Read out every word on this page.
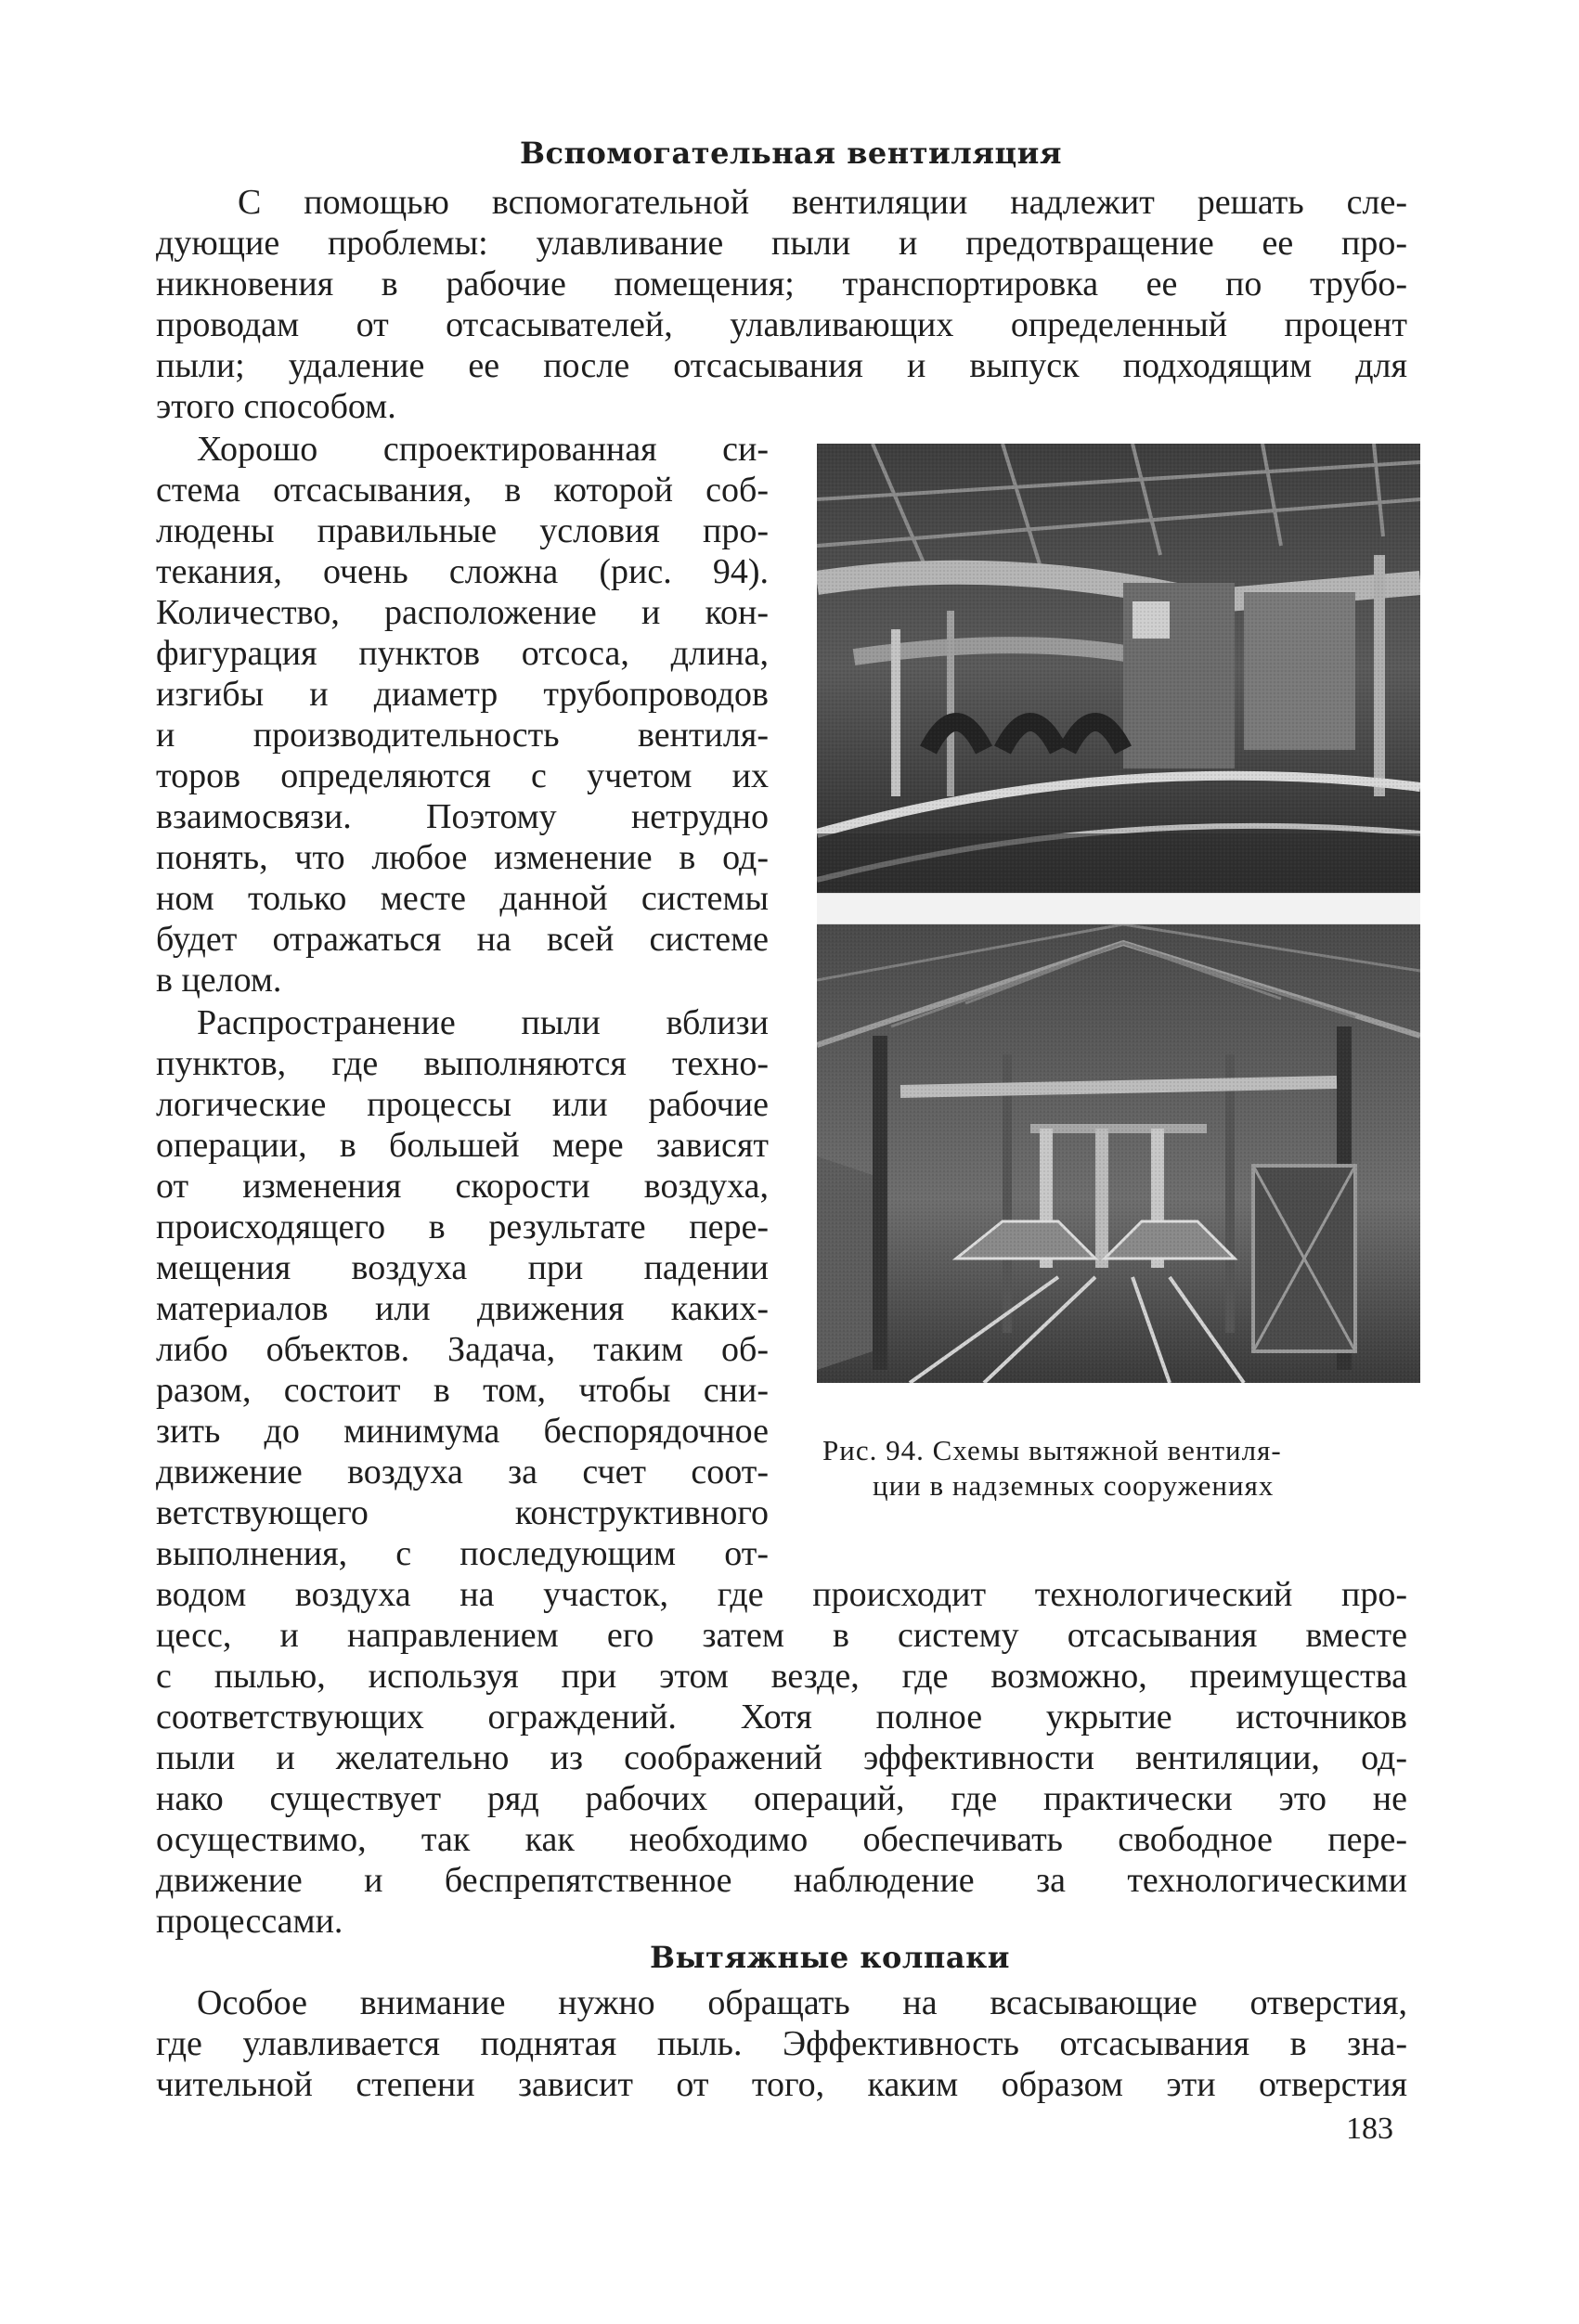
Вспомогательная вентиляция
С помощью вспомогательной вентиляции надлежит решать сле-
дующие проблемы: улавливание пыли и предотвращение ее про-
никновения в рабочие помещения; транспортировка ее по трубо-
проводам от отсасывателей, улавливающих определенный процент
пыли; удаление ее после отсасывания и выпуск подходящим для
этого способом.
Хорошо спроектированная си-
стема отсасывания, в которой соб-
людены правильные условия про-
текания, очень сложна (рис. 94).
Количество, расположение и кон-
фигурация пунктов отсоса, длина,
изгибы и диаметр трубопроводов
и производительность вентиля-
торов определяются с учетом их
взаимосвязи. Поэтому нетрудно
понять, что любое изменение в од-
ном только месте данной системы
будет отражаться на всей системе
в целом.
Распространение пыли вблизи
пунктов, где выполняются техно-
логические процессы или рабочие
операции, в большей мере зависят
от изменения скорости воздуха,
происходящего в результате пере-
мещения воздуха при падении
материалов или движения каких-
либо объектов. Задача, таким об-
разом, состоит в том, чтобы сни-
зить до минимума беспорядочное
движение воздуха за счет соот-
ветствующего конструктивного
выполнения, с последующим от-
водом воздуха на участок, где происходит технологический про-
цесс, и направлением его затем в систему отсасывания вместе
с пылью, используя при этом везде, где возможно, преимущества
соответствующих ограждений. Хотя полное укрытие источников
пыли и желательно из соображений эффективности вентиляции, од-
нако существует ряд рабочих операций, где практически это не
осуществимо, так как необходимо обеспечивать свободное пере-
движение и беспрепятственное наблюдение за технологическими
процессами.
Рис. 94. Схемы вытяжной вентиля-
ции в надземных сооружениях
Вытяжные колпаки
Особое внимание нужно обращать на всасывающие отверстия,
где улавливается поднятая пыль. Эффективность отсасывания в зна-
чительной степени зависит от того, каким образом эти отверстия
183
